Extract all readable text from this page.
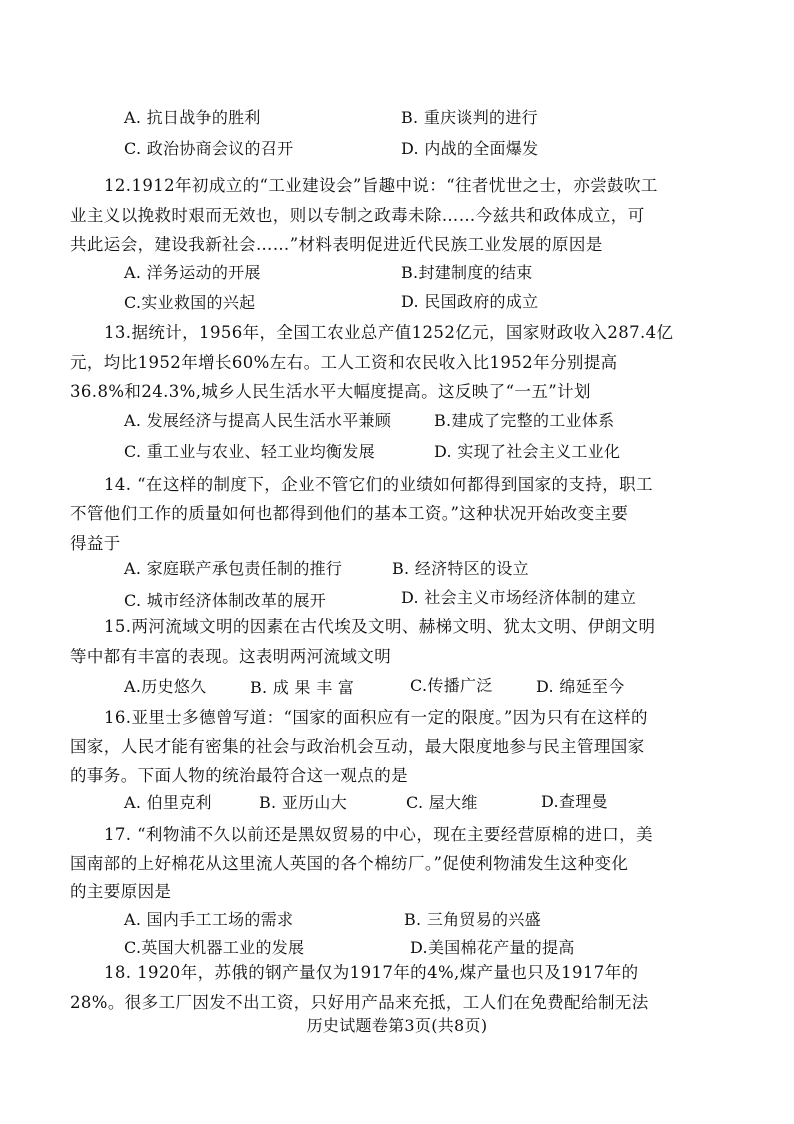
A. 抗日战争的胜利	B. 重庆谈判的进行
C. 政治协商会议的召开	D. 内战的全面爆发
12.1912年初成立的“工业建设会”旨趣中说：“往者忧世之士，亦尝鼓吹工
业主义以挽救时艰而无效也，则以专制之政毒未除……今兹共和政体成立，可
共此运会，建设我新社会……”材料表明促进近代民族工业发展的原因是
A. 洋务运动的开展	B.封建制度的结束
C.实业救国的兴起	D. 民国政府的成立
13.据统计，1956年，全国工农业总产值1252亿元，国家财政收入287.4亿
元，均比1952年增长60%左右。工人工资和农民收入比1952年分别提高
36.8%和24.3%,城乡人民生活水平大幅度提高。这反映了“一五”计划
A. 发展经济与提高人民生活水平兼顾	B.建成了完整的工业体系
C. 重工业与农业、轻工业均衡发展	D. 实现了社会主义工业化
14. “在这样的制度下，企业不管它们的业绩如何都得到国家的支持，职工
不管他们工作的质量如何也都得到他们的基本工资。”这种状况开始改变主要
得益于
A. 家庭联产承包责任制的推行	B. 经济特区的设立
C. 城市经济体制改革的展开	D. 社会主义市场经济体制的建立
15.两河流域文明的因素在古代埃及文明、赫梯文明、犹太文明、伊朗文明
等中都有丰富的表现。这表明两河流域文明
A.历史悠久	B. 成 果 丰 富	C.传播广泛	D. 绵延至今
16.亚里士多德曾写道：“国家的面积应有一定的限度。”因为只有在这样的
国家，人民才能有密集的社会与政治机会互动，最大限度地参与民主管理国家
的事务。下面人物的统治最符合这一观点的是
A. 伯里克利	B. 亚历山大	C. 屋大维	D.查理曼
17. “利物浦不久以前还是黑奴贸易的中心，现在主要经营原棉的进口，美
国南部的上好棉花从这里流人英国的各个棉纺厂。”促使利物浦发生这种变化
的主要原因是
A. 国内手工工场的需求	B. 三角贸易的兴盛
C.英国大机器工业的发展	D.美国棉花产量的提高
18. 1920年，苏俄的钢产量仅为1917年的4%,煤产量也只及1917年的
28%。很多工厂因发不出工资，只好用产品来充抵，工人们在免费配给制无法
历史试题卷第3页(共8页)
